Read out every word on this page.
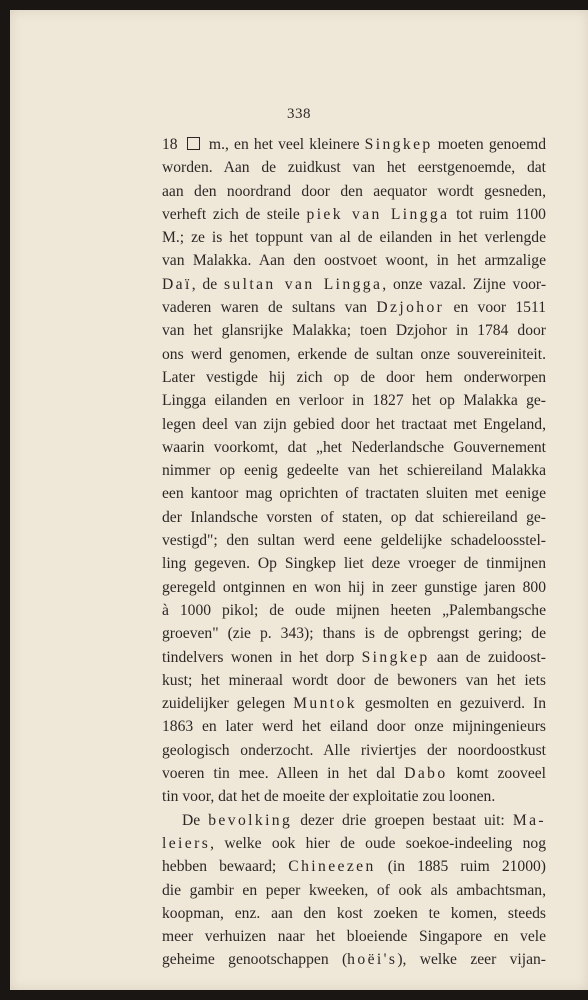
338
18  m., en het veel kleinere Singkep moeten genoemd
worden. Aan de zuidkust van het eerstgenoemde, dat
aan den noordrand door den aequator wordt gesneden,
verheft zich de steile piek van Lingga tot ruim 1100
M.; ze is het toppunt van al de eilanden in het verlengde
van Malakka. Aan den oostvoet woont, in het armzalige
Daï, de sultan van Lingga, onze vazal. Zijne voor-
vaderen waren de sultans van Dzjohor en voor 1511
van het glansrijke Malakka; toen Dzjohor in 1784 door
ons werd genomen, erkende de sultan onze souvereiniteit.
Later vestigde hij zich op de door hem onderworpen
Lingga eilanden en verloor in 1827 het op Malakka ge-
legen deel van zijn gebied door het tractaat met Engeland,
waarin voorkomt, dat „het Nederlandsche Gouvernement
nimmer op eenig gedeelte van het schiereiland Malakka
een kantoor mag oprichten of tractaten sluiten met eenige
der Inlandsche vorsten of staten, op dat schiereiland ge-
vestigd"; den sultan werd eene geldelijke schadeloosstel-
ling gegeven. Op Singkep liet deze vroeger de tinmijnen
geregeld ontginnen en won hij in zeer gunstige jaren 800
à 1000 pikol; de oude mijnen heeten „Palembangsche
groeven" (zie p. 343); thans is de opbrengst gering; de
tindelvers wonen in het dorp Singkep aan de zuidoost-
kust; het mineraal wordt door de bewoners van het iets
zuidelijker gelegen Muntok gesmolten en gezuiverd. In
1863 en later werd het eiland door onze mijningenieurs
geologisch onderzocht. Alle riviertjes der noordoostkust
voeren tin mee. Alleen in het dal Dabo komt zooveel
tin voor, dat het de moeite der exploitatie zou loonen.
De bevolking dezer drie groepen bestaat uit: Ma-
leiers, welke ook hier de oude soekoe-indeeling nog
hebben bewaard; Chineezen (in 1885 ruim 21000)
die gambir en peper kweeken, of ook als ambachtsman,
koopman, enz. aan den kost zoeken te komen, steeds
meer verhuizen naar het bloeiende Singapore en vele
geheime genootschappen (hoëi's), welke zeer vijan-
